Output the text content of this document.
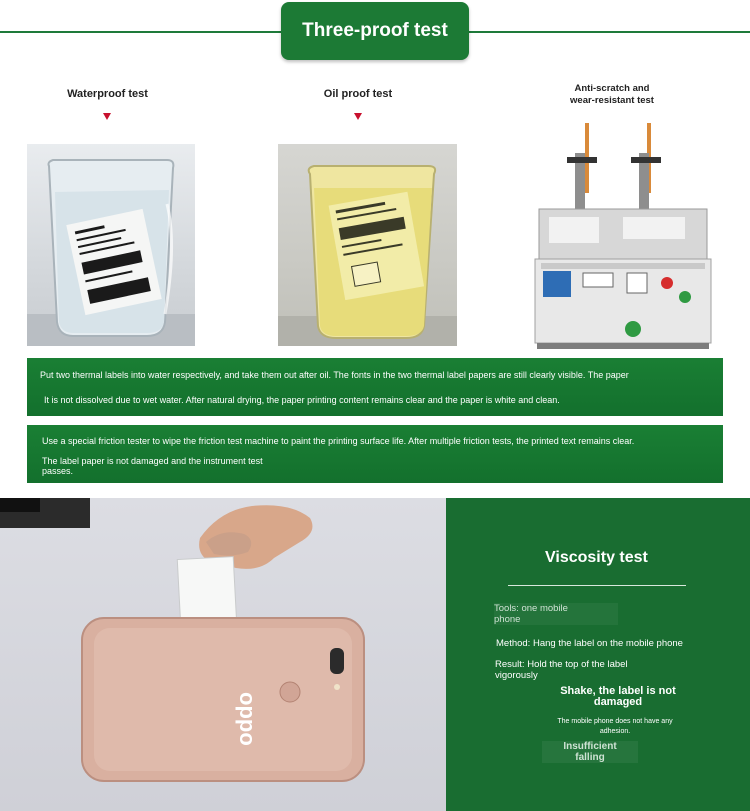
Three-proof test
Waterproof test	Oil proof test	Anti-scratch and
wear-resistant test
Put two thermal labels into water respectively, and take them out after oil. The fonts in the two thermal label papers are still clearly visible. The paper
It is not dissolved due to wet water. After natural drying, the paper printing content remains clear and the paper is white and clean.
Use a special friction tester to wipe the friction test machine to paint the printing surface life. After multiple friction tests, the printed text remains clear.
The label paper is not damaged and the instrument test
passes.
oppo
Viscosity test
Tools: one mobile
phone
Method: Hang the label on the mobile phone
Result: Hold the top of the label
vigorously
Shake, the label is not
damaged
The mobile phone does not have any
adhesion.
Insufficient
falling
